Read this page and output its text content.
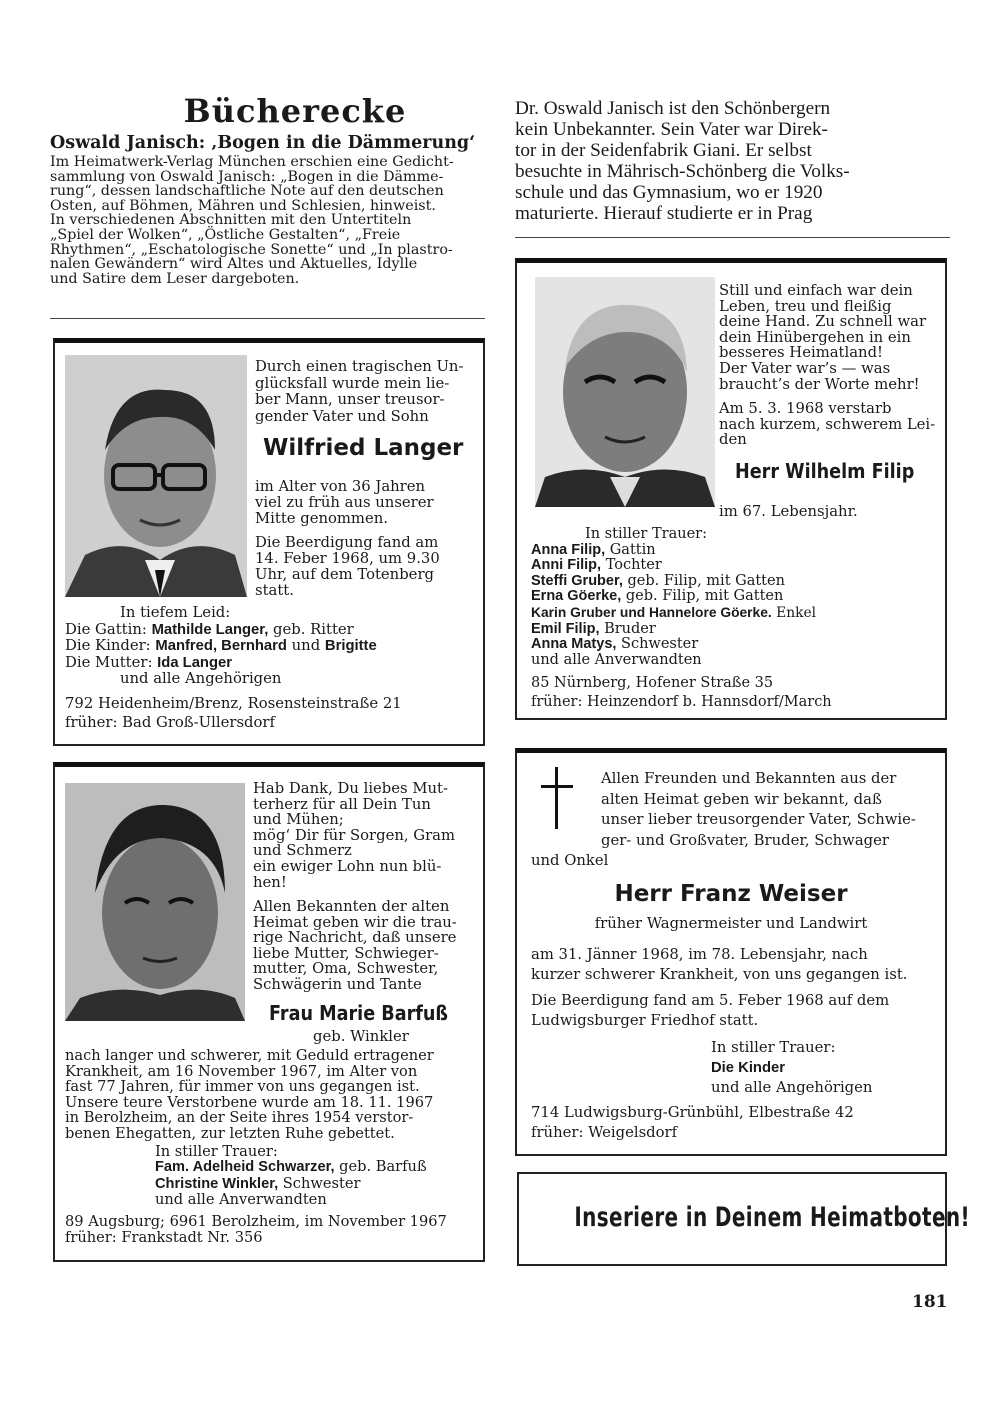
Bücherecke
Oswald Janisch: ‚Bogen in die Dämmerung‘
Im Heimatwerk-Verlag München erschien eine Gedicht-
sammlung von Oswald Janisch: „Bogen in die Dämme-
rung“, dessen landschaftliche Note auf den deutschen
Osten, auf Böhmen, Mähren und Schlesien, hinweist.
In verschiedenen Abschnitten mit den Untertiteln
„Spiel der Wolken“, „Östliche Gestalten“, „Freie
Rhythmen“, „Eschatologische Sonette“ und „In plastro-
nalen Gewändern“ wird Altes und Aktuelles, Idylle
und Satire dem Leser dargeboten.
Dr. Oswald Janisch ist den Schönbergern
kein Unbekannter. Sein Vater war Direk-
tor in der Seidenfabrik Giani. Er selbst
besuchte in Mährisch-Schönberg die Volks-
schule und das Gymnasium, wo er 1920
maturierte. Hierauf studierte er in Prag
Durch einen tragischen Un-
glücksfall wurde mein lie-
ber Mann, unser treusor-
gender Vater und Sohn
Wilfried Langer
im Alter von 36 Jahren
viel zu früh aus unserer
Mitte genommen.
Die Beerdigung fand am
14. Feber 1968, um 9.30
Uhr, auf dem Totenberg
statt.
In tiefem Leid:
Die Gattin: Mathilde Langer, geb. Ritter
Die Kinder: Manfred, Bernhard und Brigitte
Die Mutter: Ida Langer
und alle Angehörigen
792 Heidenheim/Brenz, Rosensteinstraße 21
früher: Bad Groß-Ullersdorf
Still und einfach war dein
Leben, treu und fleißig
deine Hand. Zu schnell war
dein Hinübergehen in ein
besseres Heimatland!
Der Vater war’s — was
braucht’s der Worte mehr!
Am 5. 3. 1968 verstarb
nach kurzem, schwerem Lei-
den
Herr Wilhelm Filip
im 67. Lebensjahr.
In stiller Trauer:
Anna Filip, Gattin
Anni Filip, Tochter
Steffi Gruber, geb. Filip, mit Gatten
Erna Göerke, geb. Filip, mit Gatten
Karin Gruber und Hannelore Göerke. Enkel
Emil Filip, Bruder
Anna Matys, Schwester
und alle Anverwandten
85 Nürnberg, Hofener Straße 35
früher: Heinzendorf b. Hannsdorf/March
Hab Dank, Du liebes Mut-
terherz für all Dein Tun
und Mühen;
mög‘ Dir für Sorgen, Gram
und Schmerz
ein ewiger Lohn nun blü-
hen!
Allen Bekannten der alten
Heimat geben wir die trau-
rige Nachricht, daß unsere
liebe Mutter, Schwieger-
mutter, Oma, Schwester,
Schwägerin und Tante
Frau Marie Barfuß
geb. Winkler
nach langer und schwerer, mit Geduld ertragener
Krankheit, am 16 November 1967, im Alter von
fast 77 Jahren, für immer von uns gegangen ist.
Unsere teure Verstorbene wurde am 18. 11. 1967
in Berolzheim, an der Seite ihres 1954 verstor-
benen Ehegatten, zur letzten Ruhe gebettet.
In stiller Trauer:
Fam. Adelheid Schwarzer, geb. Barfuß
Christine Winkler, Schwester
und alle Anverwandten
89 Augsburg; 6961 Berolzheim, im November 1967
früher: Frankstadt Nr. 356
Allen Freunden und Bekannten aus der
alten Heimat geben wir bekannt, daß
unser lieber treusorgender Vater, Schwie-
ger- und Großvater, Bruder, Schwager
und Onkel
Herr Franz Weiser
früher Wagnermeister und Landwirt
am 31. Jänner 1968, im 78. Lebensjahr, nach
kurzer schwerer Krankheit, von uns gegangen ist.
Die Beerdigung fand am 5. Feber 1968 auf dem
Ludwigsburger Friedhof statt.
In stiller Trauer:
Die Kinder
und alle Angehörigen
714 Ludwigsburg-Grünbühl, Elbestraße 42
früher: Weigelsdorf
Inseriere in Deinem Heimatboten!
181
